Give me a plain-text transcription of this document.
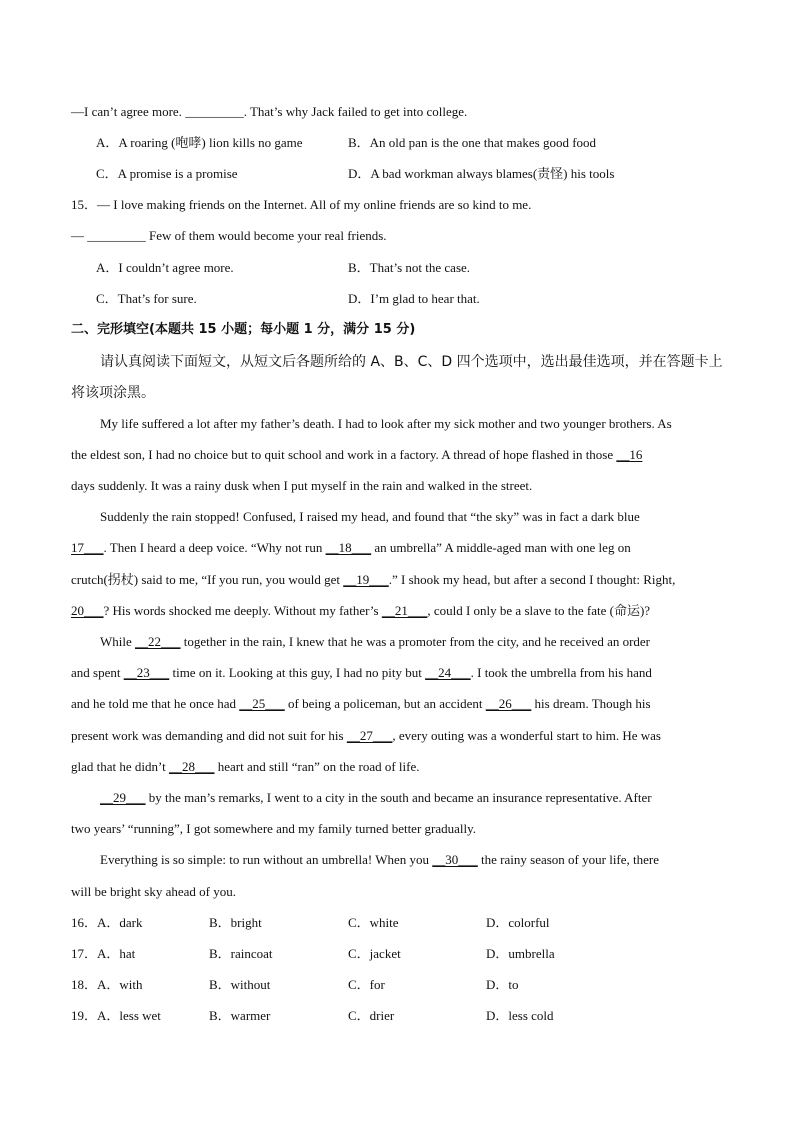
—I can’t agree more. _________. That’s why Jack failed to get into college.
A．A roaring (咆哮) lion kills no game	B．An old pan is the one that makes good food
C．A promise is a promise	D．A bad workman always blames(责怪) his tools
15．— I love making friends on the Internet. All of my online friends are so kind to me.
— _________ Few of them would become your real friends.
A．I couldn’t agree more.	B．That’s not the case.
C．That’s for sure.	D．I’m glad to hear that.
二、完形填空(本题共 15 小题；每小题 1 分，满分 15 分)
请认真阅读下面短文，从短文后各题所给的 A、B、C、D 四个选项中，选出最佳选项，并在答题卡上
将该项涂黑。
My life suffered a lot after my father’s death. I had to look after my sick mother and two younger brothers. As
the eldest son, I had no choice but to quit school and work in a factory. A thread of hope flashed in those __16
days suddenly. It was a rainy dusk when I put myself in the rain and walked in the street.
Suddenly the rain stopped! Confused, I raised my head, and found that “the sky” was in fact a dark blue
17___. Then I heard a deep voice. “Why not run __18___ an umbrella” A middle-aged man with one leg on
crutch(拐杖) said to me, “If you run, you would get __19___.” I shook my head, but after a second I thought: Right,
20___? His words shocked me deeply. Without my father’s __21___, could I only be a slave to the fate (命运)?
While __22___ together in the rain, I knew that he was a promoter from the city, and he received an order
and spent __23___ time on it. Looking at this guy, I had no pity but __24___. I took the umbrella from his hand
and he told me that he once had __25___ of being a policeman, but an accident __26___ his dream. Though his
present work was demanding and did not suit for his __27___, every outing was a wonderful start to him. He was
glad that he didn’t __28___ heart and still “ran” on the road of life.
__29___ by the man’s remarks, I went to a city in the south and became an insurance representative. After
two years’ “running”, I got somewhere and my family turned better gradually.
Everything is so simple: to run without an umbrella! When you __30___ the rainy season of your life, there
will be bright sky ahead of you.
16．A．dark	B．bright	C．white	D．colorful
17．A．hat	B．raincoat	C．jacket	D．umbrella
18．A．with	B．without	C．for	D．to
19．A．less wet	B．warmer	C．drier	D．less cold
